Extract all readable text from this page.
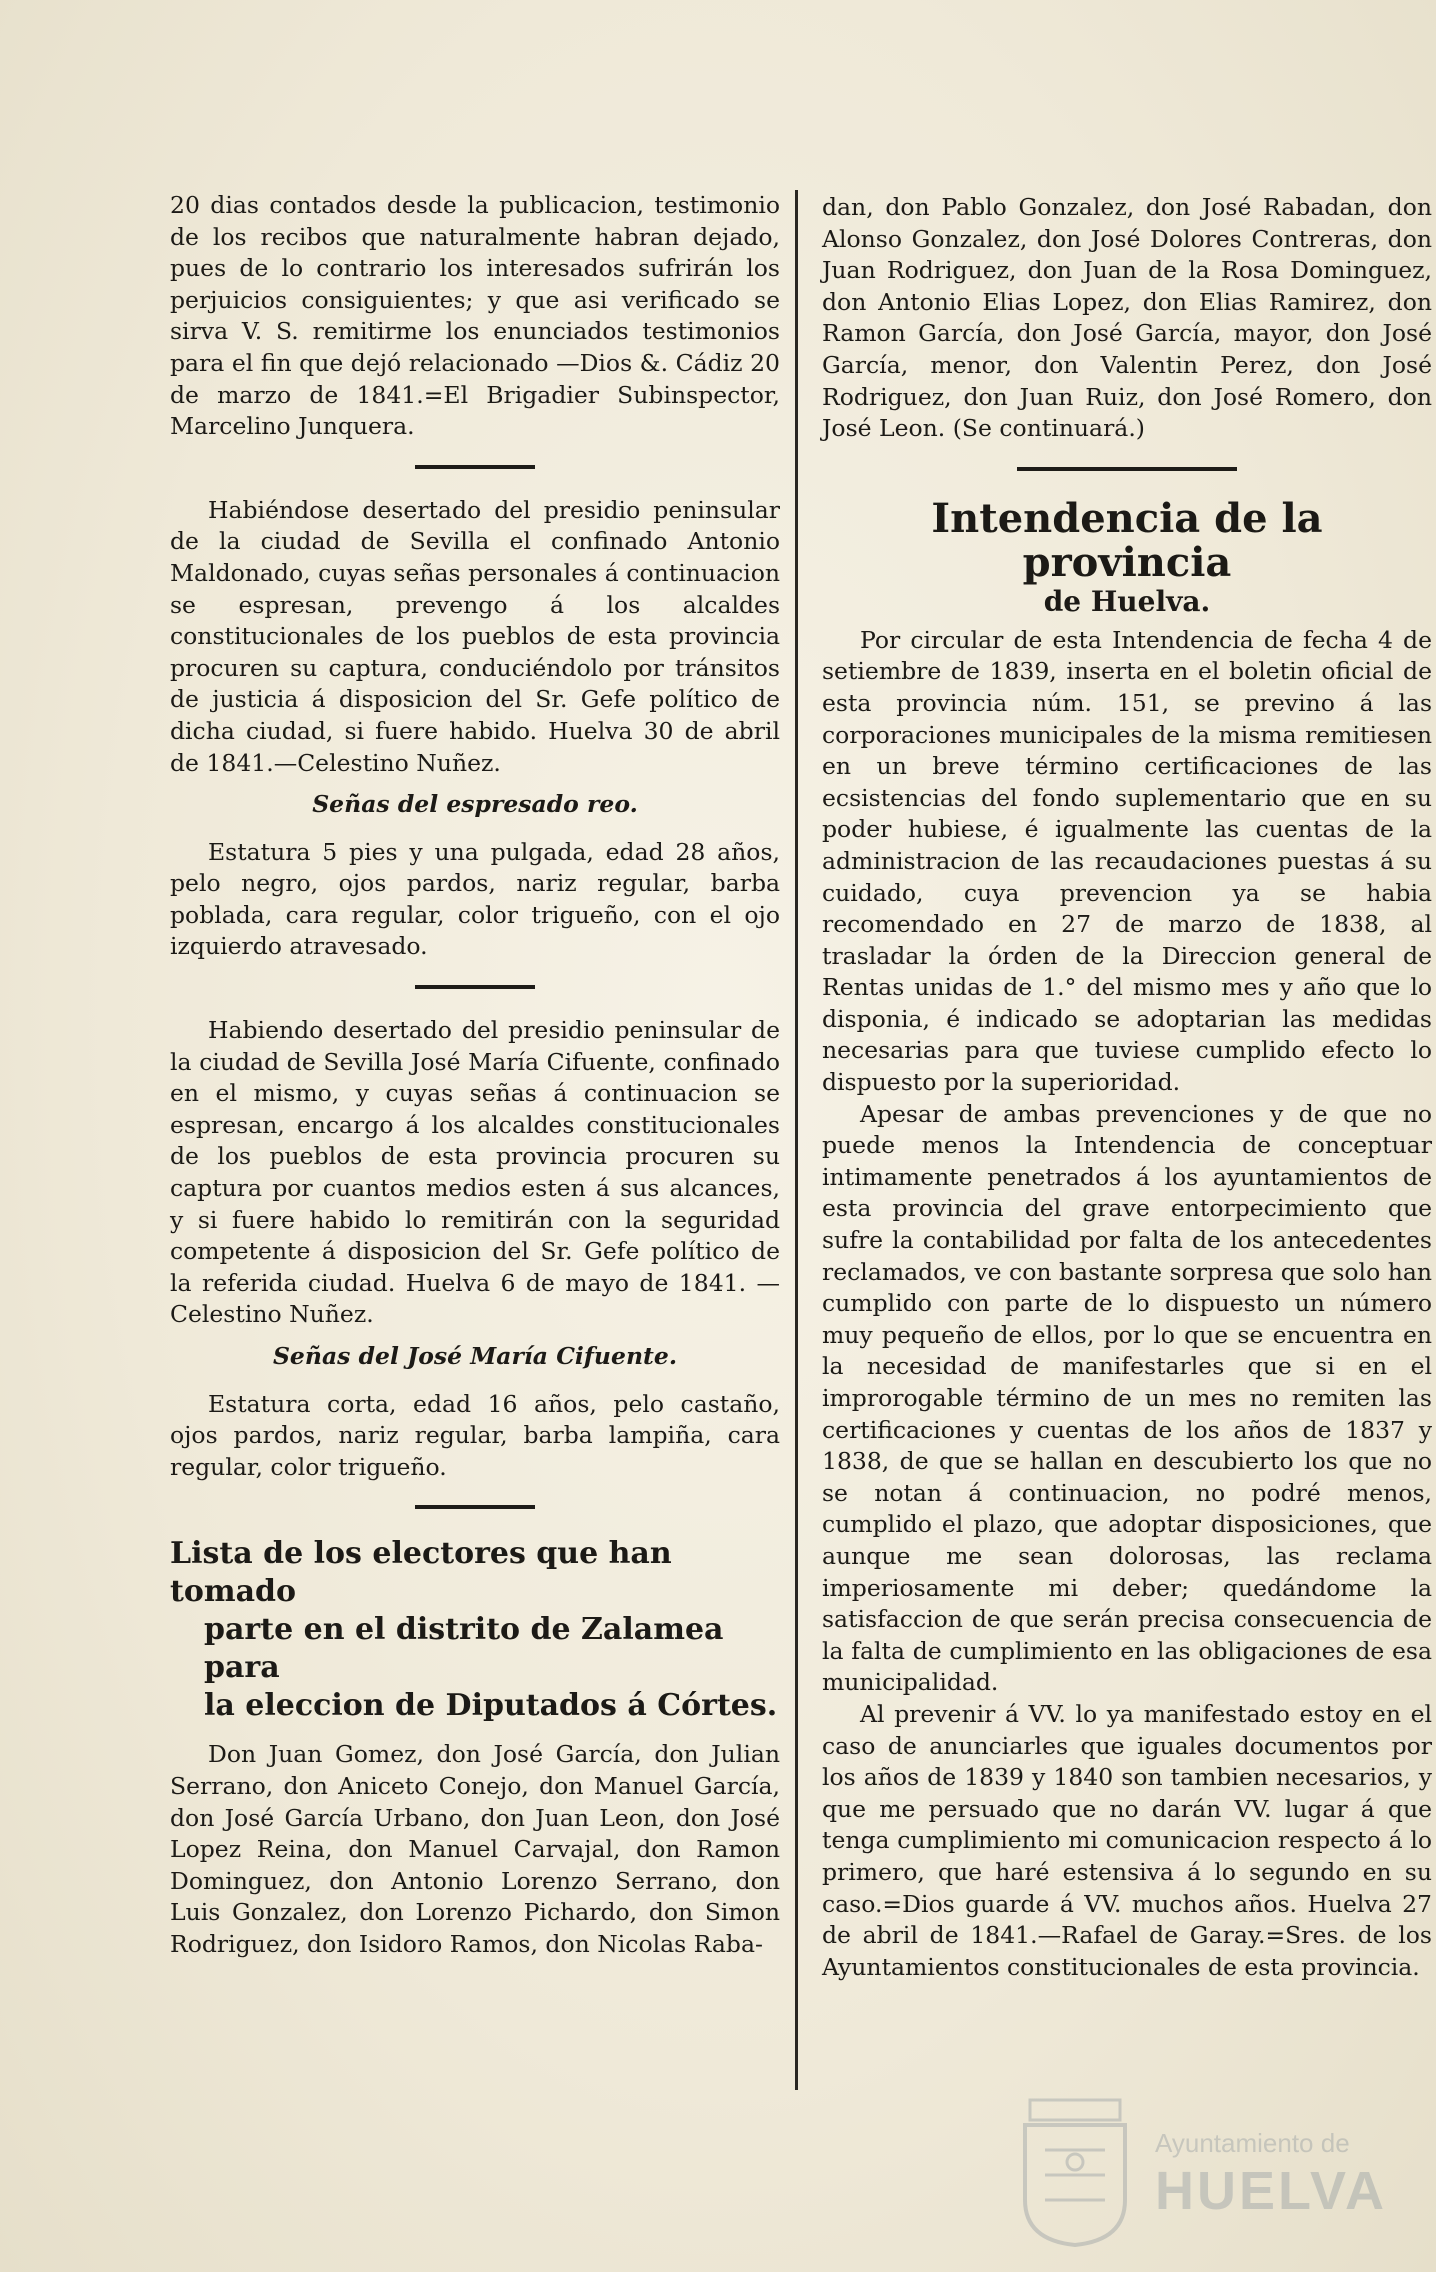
20 dias contados desde la publicacion, testimonio de los recibos que naturalmente habran dejado, pues de lo contrario los interesados sufrirán los perjuicios consiguientes; y que asi verificado se sirva V. S. remitirme los enunciados testimonios para el fin que dejó relacionado —Dios &. Cádiz 20 de marzo de 1841.=El Brigadier Subinspector, Marcelino Junquera.

Habiéndose desertado del presidio peninsular de la ciudad de Sevilla el confinado Antonio Maldonado, cuyas señas personales á continuacion se espresan, prevengo á los alcaldes constitucionales de los pueblos de esta provincia procuren su captura, conduciéndolo por tránsitos de justicia á disposicion del Sr. Gefe político de dicha ciudad, si fuere habido. Huelva 30 de abril de 1841.—Celestino Nuñez.

Señas del espresado reo.

Estatura 5 pies y una pulgada, edad 28 años, pelo negro, ojos pardos, nariz regular, barba poblada, cara regular, color trigueño, con el ojo izquierdo atravesado.

Habiendo desertado del presidio peninsular de la ciudad de Sevilla José María Cifuente, confinado en el mismo, y cuyas señas á continuacion se espresan, encargo á los alcaldes constitucionales de los pueblos de esta provincia procuren su captura por cuantos medios esten á sus alcances, y si fuere habido lo remitirán con la seguridad competente á disposicion del Sr. Gefe político de la referida ciudad. Huelva 6 de mayo de 1841. —Celestino Nuñez.

Señas del José María Cifuente.

Estatura corta, edad 16 años, pelo castaño, ojos pardos, nariz regular, barba lampiña, cara regular, color trigueño.

Lista de los electores que han tomado
parte en el distrito de Zalamea para
la eleccion de Diputados á Córtes.

Don Juan Gomez, don José García, don Julian Serrano, don Aniceto Conejo, don Manuel García, don José García Urbano, don Juan Leon, don José Lopez Reina, don Manuel Carvajal, don Ramon Dominguez, don Antonio Lorenzo Serrano, don Luis Gonzalez, don Lorenzo Pichardo, don Simon Rodriguez, don Isidoro Ramos, don Nicolas Raba-

dan, don Pablo Gonzalez, don José Rabadan, don Alonso Gonzalez, don José Dolores Contreras, don Juan Rodriguez, don Juan de la Rosa Dominguez, don Antonio Elias Lopez, don Elias Ramirez, don Ramon García, don José García, mayor, don José García, menor, don Valentin Perez, don José Rodriguez, don Juan Ruiz, don José Romero, don José Leon. (Se continuará.)

Intendencia de la provincia

de Huelva.

Por circular de esta Intendencia de fecha 4 de setiembre de 1839, inserta en el boletin oficial de esta provincia núm. 151, se previno á las corporaciones municipales de la misma remitiesen en un breve término certificaciones de las ecsistencias del fondo suplementario que en su poder hubiese, é igualmente las cuentas de la administracion de las recaudaciones puestas á su cuidado, cuya prevencion ya se habia recomendado en 27 de marzo de 1838, al trasladar la órden de la Direccion general de Rentas unidas de 1.° del mismo mes y año que lo disponia, é indicado se adoptarian las medidas necesarias para que tuviese cumplido efecto lo dispuesto por la superioridad.

Apesar de ambas prevenciones y de que no puede menos la Intendencia de conceptuar intimamente penetrados á los ayuntamientos de esta provincia del grave entorpecimiento que sufre la contabilidad por falta de los antecedentes reclamados, ve con bastante sorpresa que solo han cumplido con parte de lo dispuesto un número muy pequeño de ellos, por lo que se encuentra en la necesidad de manifestarles que si en el improrogable término de un mes no remiten las certificaciones y cuentas de los años de 1837 y 1838, de que se hallan en descubierto los que no se notan á continuacion, no podré menos, cumplido el plazo, que adoptar disposiciones, que aunque me sean dolorosas, las reclama imperiosamente mi deber; quedándome la satisfaccion de que serán precisa consecuencia de la falta de cumplimiento en las obligaciones de esa municipalidad.

Al prevenir á VV. lo ya manifestado estoy en el caso de anunciarles que iguales documentos por los años de 1839 y 1840 son tambien necesarios, y que me persuado que no darán VV. lugar á que tenga cumplimiento mi comunicacion respecto á lo primero, que haré estensiva á lo segundo en su caso.=Dios guarde á VV. muchos años. Huelva 27 de abril de 1841.—Rafael de Garay.=Sres. de los Ayuntamientos constitucionales de esta provincia.

Ayuntamiento de
HUELVA
